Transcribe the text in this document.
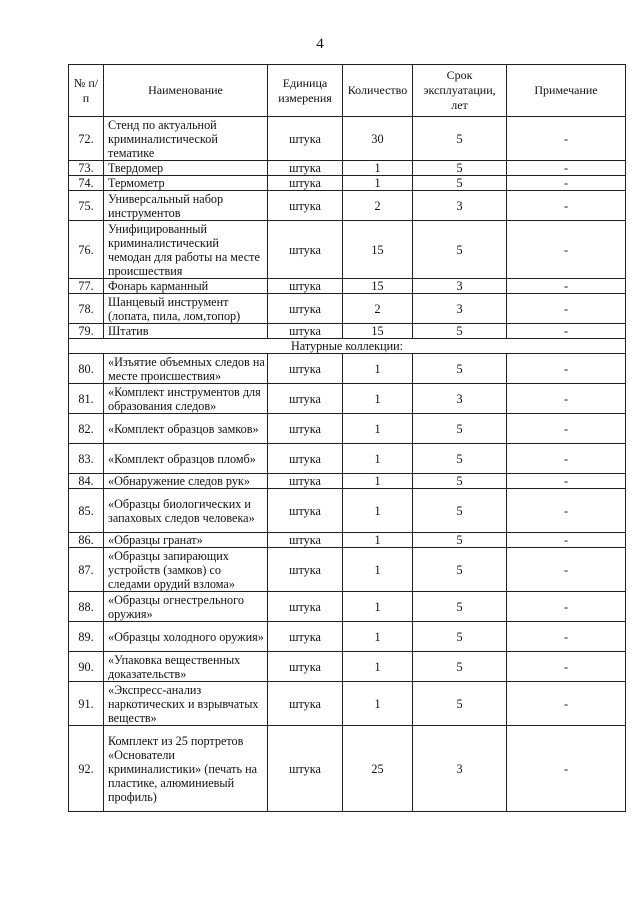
4
№ п/п	Наименование	Единица измерения	Количество	Срок эксплуатации, лет	Примечание
72.	Стенд по актуальной криминалистической тематике	штука	30	5	-
73.	Твердомер	штука	1	5	-
74.	Термометр	штука	1	5	-
75.	Универсальный набор инструментов	штука	2	3	-
76.	Унифицированный криминалистический чемодан для работы на месте происшествия	штука	15	5	-
77.	Фонарь карманный	штука	15	3	-
78.	Шанцевый инструмент (лопата, пила, лом,топор)	штука	2	3	-
79.	Штатив	штука	15	5	-
Натурные коллекции:					
80.	«Изъятие объемных следов на месте происшествия»	штука	1	5	-
81.	«Комплект инструментов для образования следов»	штука	1	3	-
82.	«Комплект образцов замков»	штука	1	5	-
83.	«Комплект образцов пломб»	штука	1	5	-
84.	«Обнаружение следов рук»	штука	1	5	-
85.	«Образцы биологических и запаховых следов человека»	штука	1	5	-
86.	«Образцы гранат»	штука	1	5	-
87.	«Образцы запирающих устройств (замков) со следами орудий взлома»	штука	1	5	-
88.	«Образцы огнестрельного оружия»	штука	1	5	-
89.	«Образцы холодного оружия»	штука	1	5	-
90.	«Упаковка вещественных доказательств»	штука	1	5	-
91.	«Экспресс-анализ наркотических и взрывчатых веществ»	штука	1	5	-
92.	Комплект из 25 портретов «Основатели криминалистики» (печать на пластике, алюминиевый профиль)	штука	25	3	-
